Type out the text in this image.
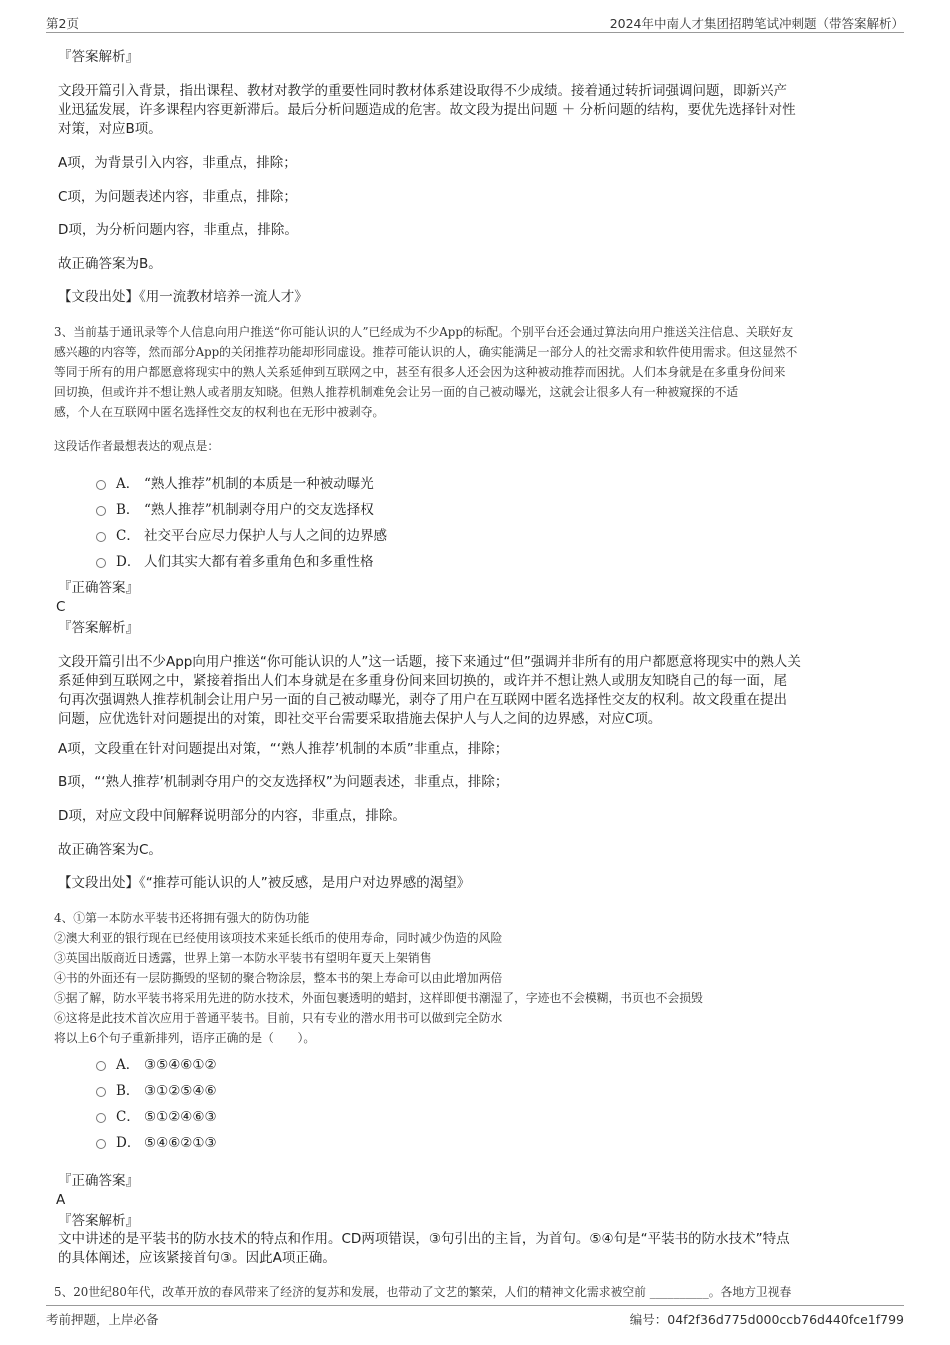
第2页	2024年中南人才集团招聘笔试冲刺题（带答案解析）
『答案解析』
文段开篇引入背景，指出课程、教材对教学的重要性同时教材体系建设取得不少成绩。接着通过转折词强调问题，即新兴产
业迅猛发展，许多课程内容更新滞后。最后分析问题造成的危害。故文段为提出问题 ＋ 分析问题的结构，要优先选择针对性
对策，对应B项。
A项，为背景引入内容，非重点，排除；
C项，为问题表述内容，非重点，排除；
D项，为分析问题内容，非重点，排除。
故正确答案为B。
【文段出处】《用一流教材培养一流人才》
3、当前基于通讯录等个人信息向用户推送“你可能认识的人”已经成为不少App的标配。个别平台还会通过算法向用户推送关注信息、关联好友
感兴趣的内容等，然而部分App的关闭推荐功能却形同虚设。推荐可能认识的人，确实能满足一部分人的社交需求和软件使用需求。但这显然不
等同于所有的用户都愿意将现实中的熟人关系延伸到互联网之中，甚至有很多人还会因为这种被动推荐而困扰。人们本身就是在多重身份间来
回切换，但或许并不想让熟人或者朋友知晓。但熟人推荐机制难免会让另一面的自己被动曝光，这就会让很多人有一种被窥探的不适
感，个人在互联网中匿名选择性交友的权利也在无形中被剥夺。
这段话作者最想表达的观点是：
A． “熟人推荐”机制的本质是一种被动曝光
B． “熟人推荐”机制剥夺用户的交友选择权
C． 社交平台应尽力保护人与人之间的边界感
D． 人们其实大都有着多重角色和多重性格
『正确答案』
C
『答案解析』
文段开篇引出不少App向用户推送“你可能认识的人”这一话题，接下来通过“但”强调并非所有的用户都愿意将现实中的熟人关
系延伸到互联网之中，紧接着指出人们本身就是在多重身份间来回切换的，或许并不想让熟人或朋友知晓自己的每一面，尾
句再次强调熟人推荐机制会让用户另一面的自己被动曝光，剥夺了用户在互联网中匿名选择性交友的权利。故文段重在提出
问题，应优选针对问题提出的对策，即社交平台需要采取措施去保护人与人之间的边界感，对应C项。
A项，文段重在针对问题提出对策，“‘熟人推荐’机制的本质”非重点，排除；
B项，“‘熟人推荐’机制剥夺用户的交友选择权”为问题表述，非重点，排除；
D项，对应文段中间解释说明部分的内容，非重点，排除。
故正确答案为C。
【文段出处】《“推荐可能认识的人”被反感，是用户对边界感的渴望》
4、①第一本防水平装书还将拥有强大的防伪功能
②澳大利亚的银行现在已经使用该项技术来延长纸币的使用寿命，同时减少伪造的风险
③英国出版商近日透露，世界上第一本防水平装书有望明年夏天上架销售
④书的外面还有一层防撕毁的坚韧的聚合物涂层，整本书的架上寿命可以由此增加两倍
⑤据了解，防水平装书将采用先进的防水技术，外面包裹透明的蜡封，这样即便书潮湿了，字迹也不会模糊，书页也不会损毁
⑥这将是此技术首次应用于普通平装书。目前，只有专业的潜水用书可以做到完全防水
将以上6个句子重新排列，语序正确的是（　　）。
A． ③⑤④⑥①②
B． ③①②⑤④⑥
C． ⑤①②④⑥③
D． ⑤④⑥②①③
『正确答案』
A
『答案解析』
文中讲述的是平装书的防水技术的特点和作用。CD两项错误，③句引出的主旨，为首句。⑤④句是“平装书的防水技术”特点
的具体阐述，应该紧接首句③。因此A项正确。
5、20世纪80年代，改革开放的春风带来了经济的复苏和发展，也带动了文艺的繁荣，人们的精神文化需求被空前 __________。各地方卫视春
考前押题，上岸必备	编号：04f2f36d775d000ccb76d440fce1f799
